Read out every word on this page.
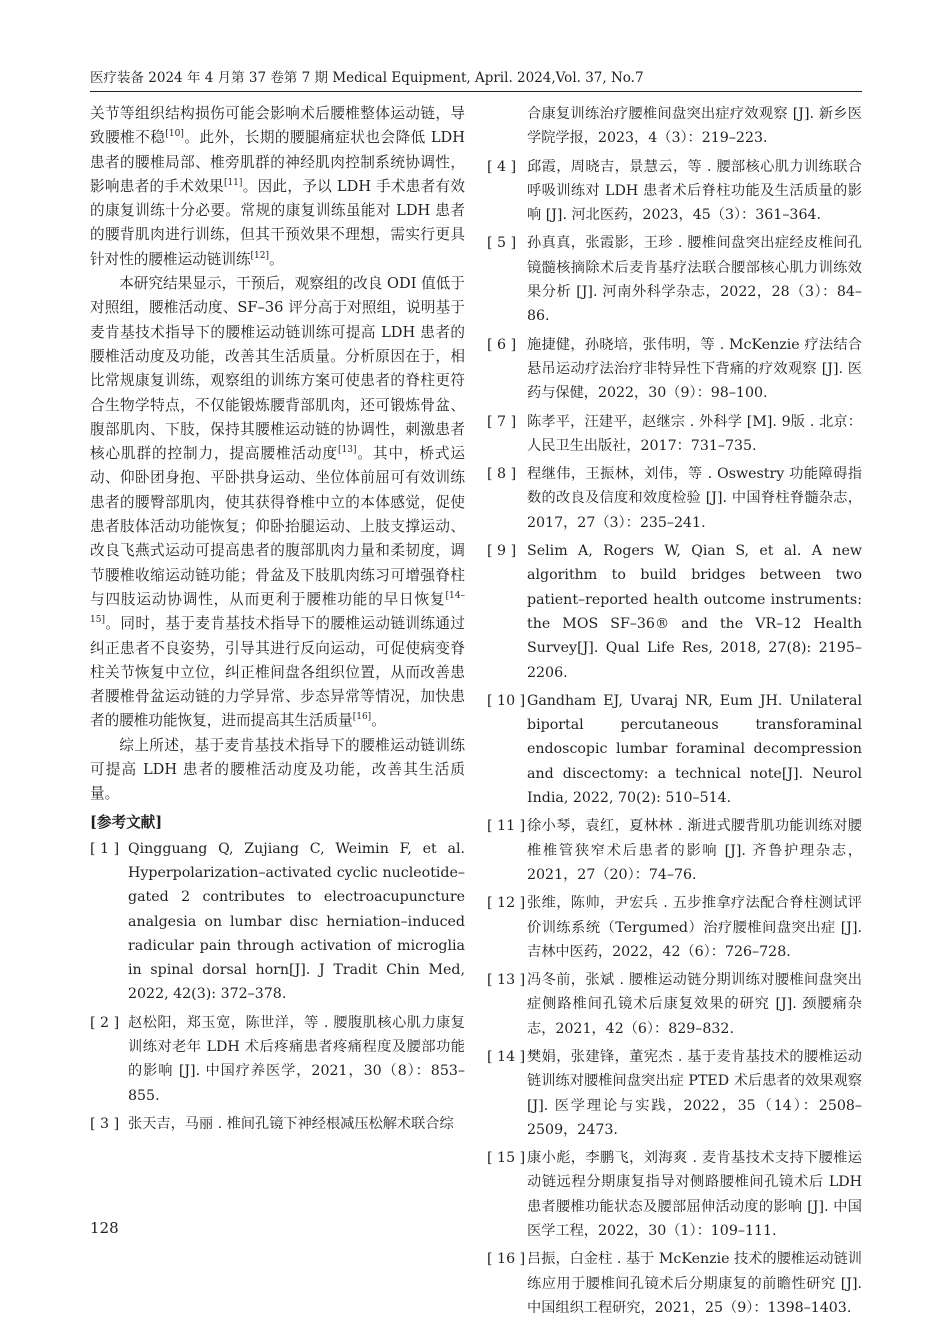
医疗装备 2024 年 4 月第 37 卷第 7 期 Medical Equipment, April. 2024,Vol. 37, No.7

关节等组织结构损伤可能会影响术后腰椎整体运动链，导致腰椎不稳[10]。此外，长期的腰腿痛症状也会降低 LDH 患者的腰椎局部、椎旁肌群的神经肌肉控制系统协调性，影响患者的手术效果[11]。因此，予以 LDH 手术患者有效的康复训练十分必要。常规的康复训练虽能对 LDH 患者的腰背肌肉进行训练，但其干预效果不理想，需实行更具针对性的腰椎运动链训练[12]。

本研究结果显示，干预后，观察组的改良 ODI 值低于对照组，腰椎活动度、SF–36 评分高于对照组，说明基于麦肯基技术指导下的腰椎运动链训练可提高 LDH 患者的腰椎活动度及功能，改善其生活质量。分析原因在于，相比常规康复训练，观察组的训练方案可使患者的脊柱更符合生物学特点，不仅能锻炼腰背部肌肉，还可锻炼骨盆、腹部肌肉、下肢，保持其腰椎运动链的协调性，刺激患者核心肌群的控制力，提高腰椎活动度[13]。其中，桥式运动、仰卧团身抱、平卧拱身运动、坐位体前屈可有效训练患者的腰臀部肌肉，使其获得脊椎中立的本体感觉，促使患者肢体活动功能恢复；仰卧抬腿运动、上肢支撑运动、改良飞燕式运动可提高患者的腹部肌肉力量和柔韧度，调节腰椎收缩运动链功能；骨盆及下肢肌肉练习可增强脊柱与四肢运动协调性，从而更利于腰椎功能的早日恢复[14–15]。同时，基于麦肯基技术指导下的腰椎运动链训练通过纠正患者不良姿势，引导其进行反向运动，可促使病变脊柱关节恢复中立位，纠正椎间盘各组织位置，从而改善患者腰椎骨盆运动链的力学异常、步态异常等情况，加快患者的腰椎功能恢复，进而提高其生活质量[16]。

综上所述，基于麦肯基技术指导下的腰椎运动链训练可提高 LDH 患者的腰椎活动度及功能，改善其生活质量。

[参考文献]
[ 1 ] Qingguang Q, Zujiang C, Weimin F, et al. Hyperpolarization–activated cyclic nucleotide–gated 2 contributes to electroacupuncture analgesia on lumbar disc herniation–induced radicular pain through activation of microglia in spinal dorsal horn[J]. J Tradit Chin Med, 2022, 42(3): 372–378.
[ 2 ] 赵松阳，郑玉宽，陈世洋，等 . 腰腹肌核心肌力康复训练对老年 LDH 术后疼痛患者疼痛程度及腰部功能的影响 [J]. 中国疗养医学，2021，30（8）：853–855.
[ 3 ] 张天吉，马丽 . 椎间孔镜下神经根减压松解术联合综
合康复训练治疗腰椎间盘突出症疗效观察 [J]. 新乡医学院学报，2023，4（3）：219–223.
[ 4 ] 邱霞，周晓吉，景慧云，等 . 腰部核心肌力训练联合呼吸训练对 LDH 患者术后脊柱功能及生活质量的影响 [J]. 河北医药，2023，45（3）：361–364.
[ 5 ] 孙真真，张霞影，王珍 . 腰椎间盘突出症经皮椎间孔镜髓核摘除术后麦肯基疗法联合腰部核心肌力训练效果分析 [J]. 河南外科学杂志，2022，28（3）：84–86.
[ 6 ] 施捷健，孙晓培，张伟明，等 . McKenzie 疗法结合悬吊运动疗法治疗非特异性下背痛的疗效观察 [J]. 医药与保健，2022，30（9）：98–100.
[ 7 ] 陈孝平，汪建平，赵继宗 . 外科学 [M]. 9版 . 北京：人民卫生出版社，2017：731–735.
[ 8 ] 程继伟，王振林，刘伟，等 . Oswestry 功能障碍指数的改良及信度和效度检验 [J]. 中国脊柱脊髓杂志，2017，27（3）：235–241.
[ 9 ] Selim A, Rogers W, Qian S, et al. A new algorithm to build bridges between two patient–reported health outcome instruments: the MOS SF–36® and the VR–12 Health Survey[J]. Qual Life Res, 2018, 27(8): 2195–2206.
[ 10 ] Gandham EJ, Uvaraj NR, Eum JH. Unilateral biportal percutaneous transforaminal endoscopic lumbar foraminal decompression and discectomy: a technical note[J]. Neurol India, 2022, 70(2): 510–514.
[ 11 ] 徐小琴，袁红，夏林林 . 渐进式腰背肌功能训练对腰椎椎管狭窄术后患者的影响 [J]. 齐鲁护理杂志，2021，27（20）：74–76.
[ 12 ] 张维，陈帅，尹宏兵 . 五步推拿疗法配合脊柱测试评价训练系统（Tergumed）治疗腰椎间盘突出症 [J]. 吉林中医药，2022，42（6）：726–728.
[ 13 ] 冯冬前，张斌 . 腰椎运动链分期训练对腰椎间盘突出症侧路椎间孔镜术后康复效果的研究 [J]. 颈腰痛杂志，2021，42（6）：829–832.
[ 14 ] 樊娟，张建锋，董宪杰 . 基于麦肯基技术的腰椎运动链训练对腰椎间盘突出症 PTED 术后患者的效果观察 [J]. 医学理论与实践，2022，35（14）：2508–2509，2473.
[ 15 ] 康小彪，李鹏飞，刘海爽 . 麦肯基技术支持下腰椎运动链远程分期康复指导对侧路腰椎间孔镜术后 LDH 患者腰椎功能状态及腰部屈伸活动度的影响 [J]. 中国医学工程，2022，30（1）：109–111.
[ 16 ] 吕振，白金柱 . 基于 McKenzie 技术的腰椎运动链训练应用于腰椎间孔镜术后分期康复的前瞻性研究 [J]. 中国组织工程研究，2021，25（9）：1398–1403.
128
